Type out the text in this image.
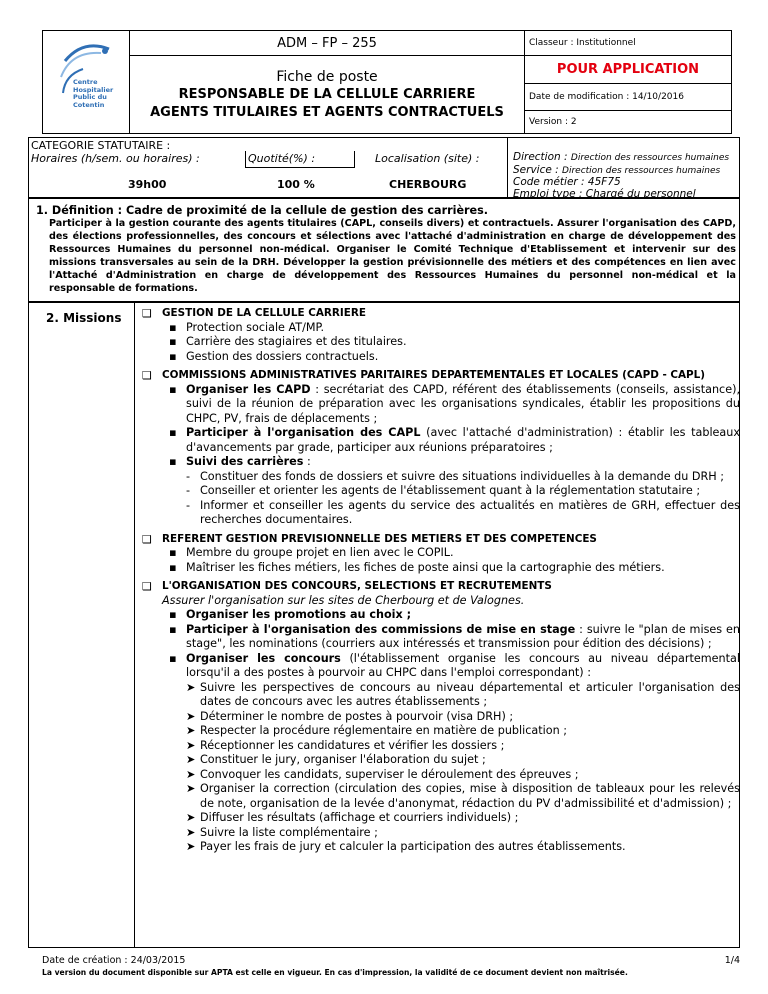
Centre
Hospitalier
Public du
Cotentin	ADM – FP – 255	Classeur : Institutionnel

	Fiche de poste
RESPONSABLE DE LA CELLULE CARRIERE
AGENTS TITULAIRES ET AGENTS CONTRACTUELS	POUR APPLICATION
		Date de modification : 14/10/2016
		Version : 2
CATEGORIE STATUTAIRE :
Horaires (h/sem. ou horaires) :	Quotité(%) :	Localisation (site) :
39h00	100 %	CHERBOURG
Direction : Direction des ressources humaines
Service : Direction des ressources humaines
Code métier : 45F75
Emploi type : Chargé du personnel
1. Définition : Cadre de proximité de la cellule de gestion des carrières.
Participer à la gestion courante des agents titulaires (CAPL, conseils divers) et contractuels. Assurer l'organisation des CAPD, des élections professionnelles, des concours et sélections avec l'attaché d'administration en charge de développement des Ressources Humaines du personnel non-médical. Organiser le Comité Technique d'Etablissement et intervenir sur des missions transversales au sein de la DRH. Développer la gestion prévisionnelle des métiers et des compétences en lien avec l'Attaché d'Administration en charge de développement des Ressources Humaines du personnel non-médical et la responsable de formations.
2. Missions ❑ GESTION DE LA CELLULE CARRIERE
▪ Protection sociale AT/MP.
▪ Carrière des stagiaires et des titulaires.
▪ Gestion des dossiers contractuels.
❑ COMMISSIONS ADMINISTRATIVES PARITAIRES DEPARTEMENTALES ET LOCALES (CAPD - CAPL)
▪ Organiser les CAPD : secrétariat des CAPD, référent des établissements (conseils, assistance), suivi de la réunion de préparation avec les organisations syndicales, établir les propositions du CHPC, PV, frais de déplacements ;
▪ Participer à l'organisation des CAPL (avec l'attaché d'administration) : établir les tableaux d'avancements par grade, participer aux réunions préparatoires ;
▪ Suivi des carrières :
- Constituer des fonds de dossiers et suivre des situations individuelles à la demande du DRH ;
- Conseiller et orienter les agents de l'établissement quant à la réglementation statutaire ;
- Informer et conseiller les agents du service des actualités en matières de GRH, effectuer des recherches documentaires.
❑ REFERENT GESTION PREVISIONNELLE DES METIERS ET DES COMPETENCES
▪ Membre du groupe projet en lien avec le COPIL.
▪ Maîtriser les fiches métiers, les fiches de poste ainsi que la cartographie des métiers.
❑ L'ORGANISATION DES CONCOURS, SELECTIONS ET RECRUTEMENTS
Assurer l'organisation sur les sites de Cherbourg et de Valognes.
▪ Organiser les promotions au choix ;
▪ Participer à l'organisation des commissions de mise en stage : suivre le "plan de mises en stage", les nominations (courriers aux intéressés et transmission pour édition des décisions) ;
▪ Organiser les concours (l'établissement organise les concours au niveau départemental lorsqu'il a des postes à pourvoir au CHPC dans l'emploi correspondant) :
➤ Suivre les perspectives de concours au niveau départemental et articuler l'organisation des dates de concours avec les autres établissements ;
➤ Déterminer le nombre de postes à pourvoir (visa DRH) ;
➤ Respecter la procédure réglementaire en matière de publication ;
➤ Réceptionner les candidatures et vérifier les dossiers ;
➤ Constituer le jury, organiser l'élaboration du sujet ;
➤ Convoquer les candidats, superviser le déroulement des épreuves ;
➤ Organiser la correction (circulation des copies, mise à disposition de tableaux pour les relevés de note, organisation de la levée d'anonymat, rédaction du PV d'admissibilité et d'admission) ;
➤ Diffuser les résultats (affichage et courriers individuels) ;
➤ Suivre la liste complémentaire ;
➤ Payer les frais de jury et calculer la participation des autres établissements.
Date de création : 24/03/2015	1/4
La version du document disponible sur APTA est celle en vigueur. En cas d'impression, la validité de ce document devient non maîtrisée.
